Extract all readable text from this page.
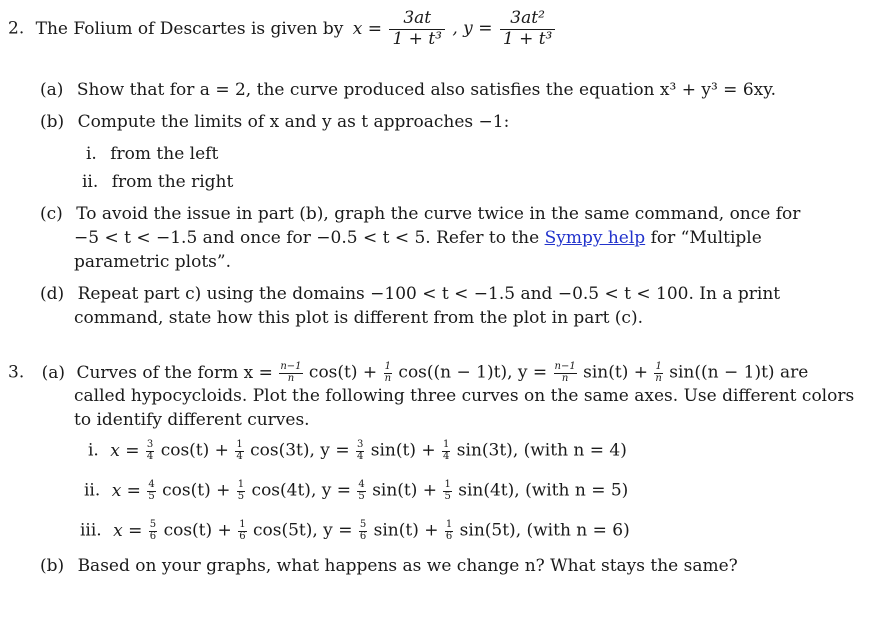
2. The Folium of Descartes is given by $x = \frac{3at}{\text{1 + t³}}$ , $y = \frac{\text{3at²}}{\text{1 + t³}}$
(a) Show that for a = 2, the curve produced also satisfies the equation x³ + y³ = 6xy.
(b) Compute the limits of x and y as t approaches −1:
i. from the left
ii. from the right
(c) To avoid the issue in part (b), graph the curve twice in the same command, once for
−5 < t < −1.5 and once for −0.5 < t < 5. Refer to the Sympy help for “Multiple
parametric plots”.
(d) Repeat part c) using the domains −100 < t < −1.5 and −0.5 < t < 100. In a print
command, state how this plot is different from the plot in part (c).
3. (a) Curves of the form $x = \frac{n-1}{n} \cos(t) + \frac{1}{n} \cos((n - 1)t)$, $y = \frac{n-1}{n} \sin(t) + \frac{1}{n} \sin((n - 1)t)$ are
called hypocycloids. Plot the following three curves on the same axes. Use different colors
to identify different curves.
i. $x = \frac{3}{4} \cos(t) + \frac{1}{4} \cos(3t)$, $y = \frac{3}{4} \sin(t) + \frac{1}{4} \sin(3t)$, (with n = 4)
ii. $x = \frac{4}{5} \cos(t) + \frac{1}{5} \cos(4t)$, $y = \frac{4}{5} \sin(t) + \frac{1}{5} \sin(4t)$, (with n = 5)
iii. $x = \frac{5}{6} \cos(t) + \frac{1}{6} \cos(5t)$, $y = \frac{5}{6} \sin(t) + \frac{1}{6} \sin(5t)$, (with n = 6)
(b) Based on your graphs, what happens as we change n? What stays the same?
